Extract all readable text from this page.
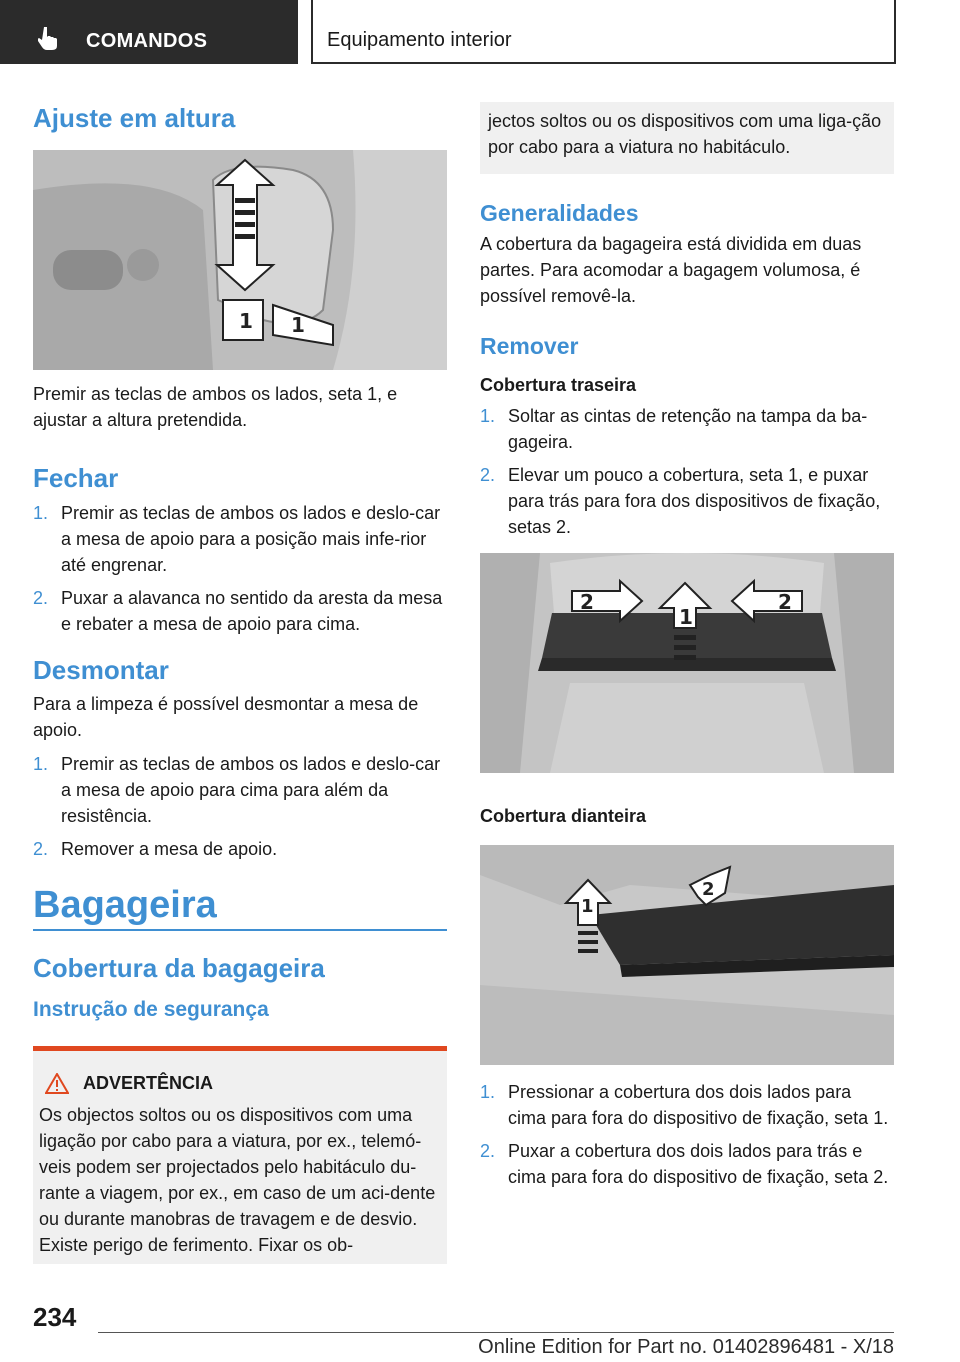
COMANDOS	Equipamento interior
Ajuste em altura
1 1

Premir as teclas de ambos os lados, seta 1, e ajustar a altura pretendida.

Fechar
1. Premir as teclas de ambos os lados e deslo-car a mesa de apoio para a posição mais infe-rior até engrenar.
2. Puxar a alavanca no sentido da aresta da mesa e rebater a mesa de apoio para cima.
Desmontar

Para a limpeza é possível desmontar a mesa de apoio.

1. Premir as teclas de ambos os lados e deslo-car a mesa de apoio para cima para além da resistência.
2. Remover a mesa de apoio.
Bagageira
Cobertura da bagageira
Instrução de segurança
ADVERTÊNCIA

Os objectos soltos ou os dispositivos com uma ligação por cabo para a viatura, por ex., telemó-veis podem ser projectados pelo habitáculo du-rante a viagem, por ex., em caso de um aci-dente ou durante manobras de travagem e de desvio. Existe perigo de ferimento. Fixar os ob-

jectos soltos ou os dispositivos com uma liga-ção por cabo para a viatura no habitáculo.

Generalidades

A cobertura da bagageira está dividida em duas partes. Para acomodar a bagagem volumosa, é possível removê-la.

Remover
Cobertura traseira
1. Soltar as cintas de retenção na tampa da ba-gageira.
2. Elevar um pouco a cobertura, seta 1, e puxar para trás para fora dos dispositivos de fixação, setas 2.
2
1
2
Cobertura dianteira
1
2
1. Pressionar a cobertura dos dois lados para cima para fora do dispositivo de fixação, seta 1.
2. Puxar a cobertura dos dois lados para trás e cima para fora do dispositivo de fixação, seta 2.
234
Online Edition for Part no. 01402896481 - X/18
